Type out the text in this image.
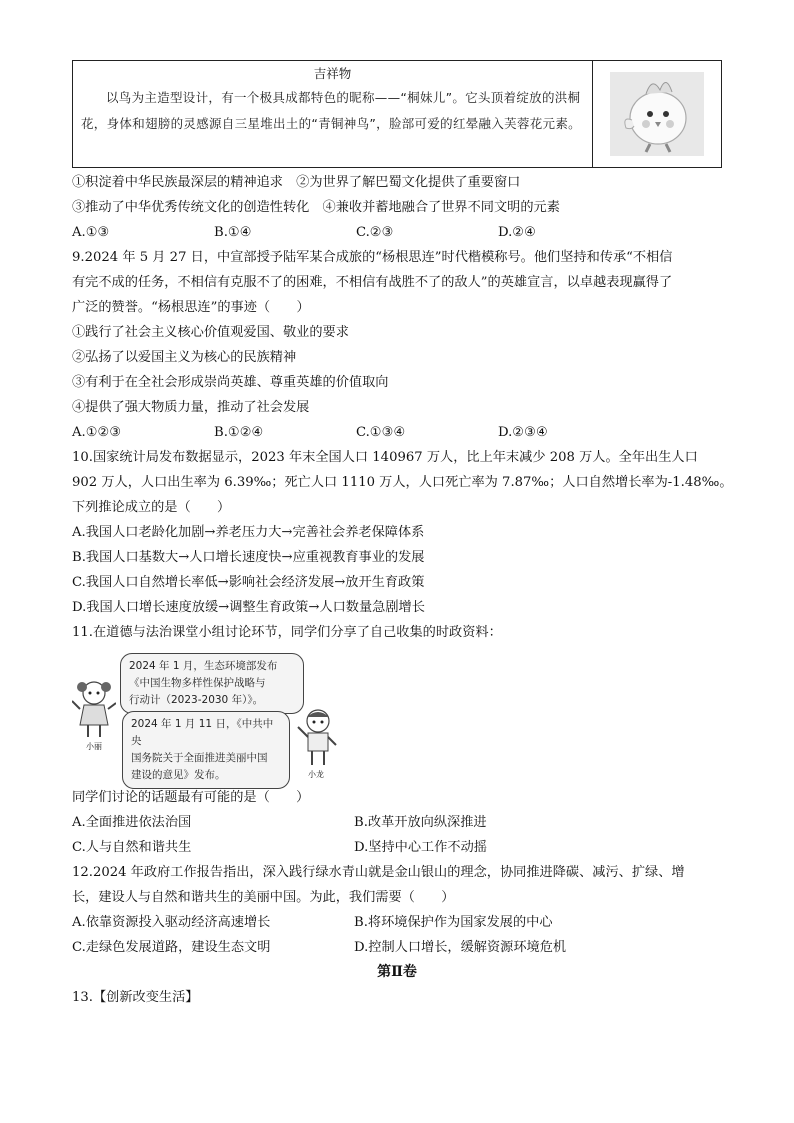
吉祥物
以鸟为主造型设计，有一个极具成都特色的昵称——“桐妹儿”。它头顶着绽放的洪桐花，身体和翅膀的灵感源自三星堆出土的“青铜神鸟”，脸部可爱的红晕融入芙蓉花元素。
①积淀着中华民族最深层的精神追求　②为世界了解巴蜀文化提供了重要窗口
③推动了中华优秀传统文化的创造性转化　④兼收并蓄地融合了世界不同文明的元素
A.①③	B.①④	C.②③	D.②④
9.2024 年 5 月 27 日，中宣部授予陆军某合成旅的“杨根思连”时代楷模称号。他们坚持和传承“不相信
有完不成的任务，不相信有克服不了的困难，不相信有战胜不了的敌人”的英雄宣言，以卓越表现赢得了
广泛的赞誉。“杨根思连”的事迹（　　）
①践行了社会主义核心价值观爱国、敬业的要求
②弘扬了以爱国主义为核心的民族精神
③有利于在全社会形成崇尚英雄、尊重英雄的价值取向
④提供了强大物质力量，推动了社会发展
A.①②③	B.①②④	C.①③④	D.②③④
10.国家统计局发布数据显示，2023 年末全国人口 140967 万人，比上年末减少 208 万人。全年出生人口
902 万人，人口出生率为 6.39‰；死亡人口 1110 万人，人口死亡率为 7.87‰；人口自然增长率为-1.48‰。
下列推论成立的是（　　）
A.我国人口老龄化加剧→养老压力大→完善社会养老保障体系
B.我国人口基数大→人口增长速度快→应重视教育事业的发展
C.我国人口自然增长率低→影响社会经济发展→放开生育政策
D.我国人口增长速度放缓→调整生育政策→人口数量急剧增长
11.在道德与法治课堂小组讨论环节，同学们分享了自己收集的时政资料：
小丽
2024 年 1 月，生态环境部发布
《中国生物多样性保护战略与
行动计（2023-2030 年）》。
2024 年 1 月 11 日，《中共中央
国务院关于全面推进美丽中国
建设的意见》发布。	小龙
同学们讨论的话题最有可能的是（　　）
A.全面推进依法治国	B.改革开放向纵深推进
C.人与自然和谐共生	D.坚持中心工作不动摇
12.2024 年政府工作报告指出，深入践行绿水青山就是金山银山的理念，协同推进降碳、减污、扩绿、增
长，建设人与自然和谐共生的美丽中国。为此，我们需要（　　）
A.依靠资源投入驱动经济高速增长	B.将环境保护作为国家发展的中心
C.走绿色发展道路，建设生态文明	D.控制人口增长，缓解资源环境危机
第Ⅱ卷
13.【创新改变生活】
